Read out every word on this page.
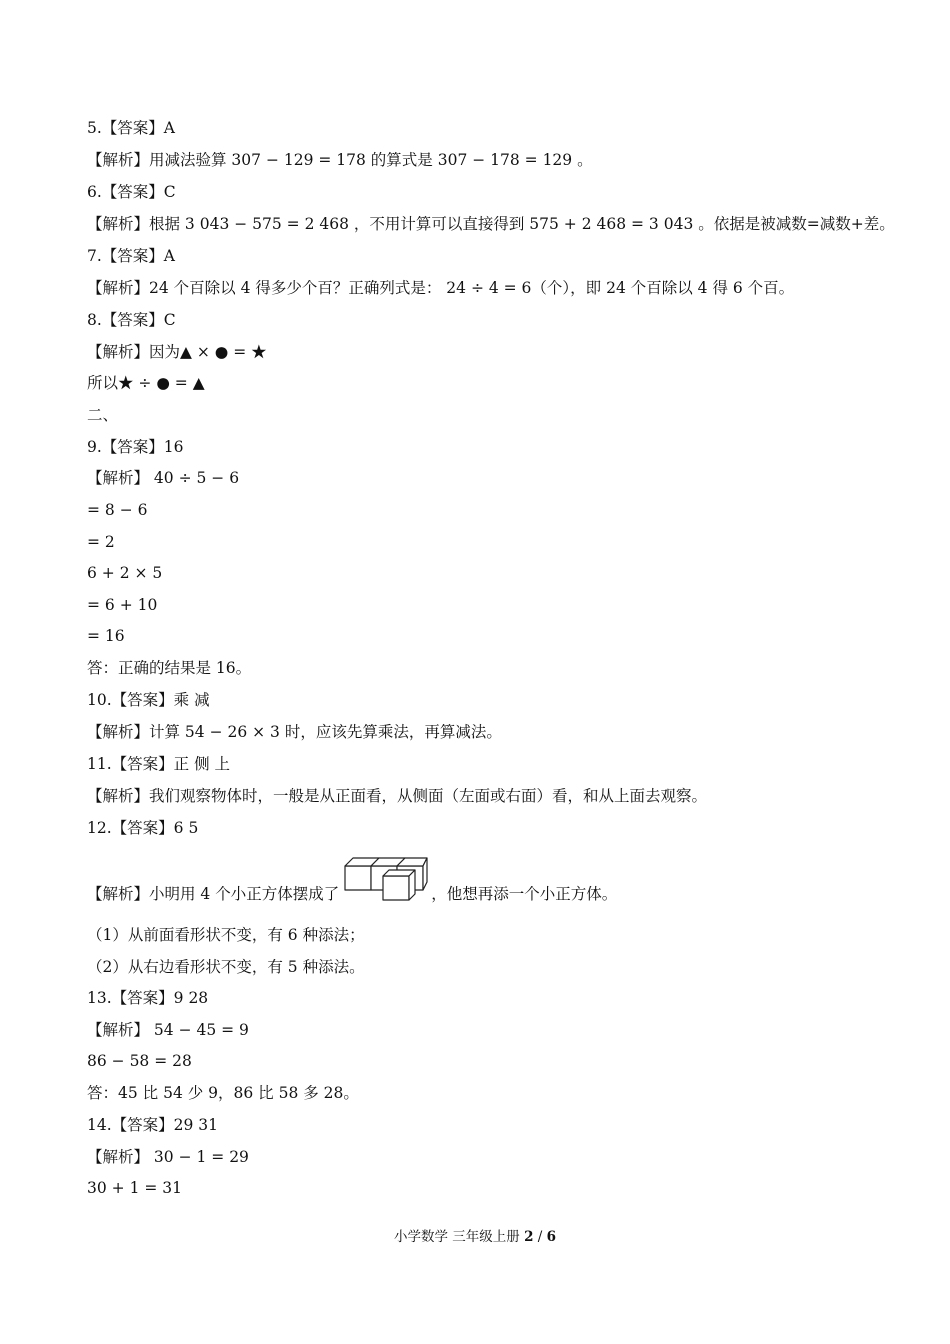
5.【答案】A
【解析】用减法验算 307 − 129 = 178 的算式是 307 − 178 = 129 。
6.【答案】C
【解析】根据 3 043 − 575 = 2 468 ，不用计算可以直接得到 575 + 2 468 = 3 043 。依据是被减数=减数+差。
7.【答案】A
【解析】24 个百除以 4 得多少个百？正确列式是： 24 ÷ 4 = 6（个），即 24 个百除以 4 得 6 个百。
8.【答案】C
【解析】因为▲ × ● = ★
所以★ ÷ ● = ▲
二、
9.【答案】16
【解析】 40 ÷ 5 − 6
= 8 − 6
= 2
6 + 2 × 5
= 6 + 10
= 16
答：正确的结果是 16。
10.【答案】乘 减
【解析】计算 54 − 26 × 3 时，应该先算乘法，再算减法。
11.【答案】正 侧 上
【解析】我们观察物体时，一般是从正面看，从侧面（左面或右面）看，和从上面去观察。
12.【答案】6 5
【解析】小明用 4 个小正方体摆成了	，他想再添一个小正方体。
（1）从前面看形状不变，有 6 种添法；
（2）从右边看形状不变，有 5 种添法。
13.【答案】9 28
【解析】 54 − 45 = 9
86 − 58 = 28
答：45 比 54 少 9，86 比 58 多 28。
14.【答案】29 31
【解析】 30 − 1 = 29
30 + 1 = 31
小学数学 三年级上册 2 / 6
